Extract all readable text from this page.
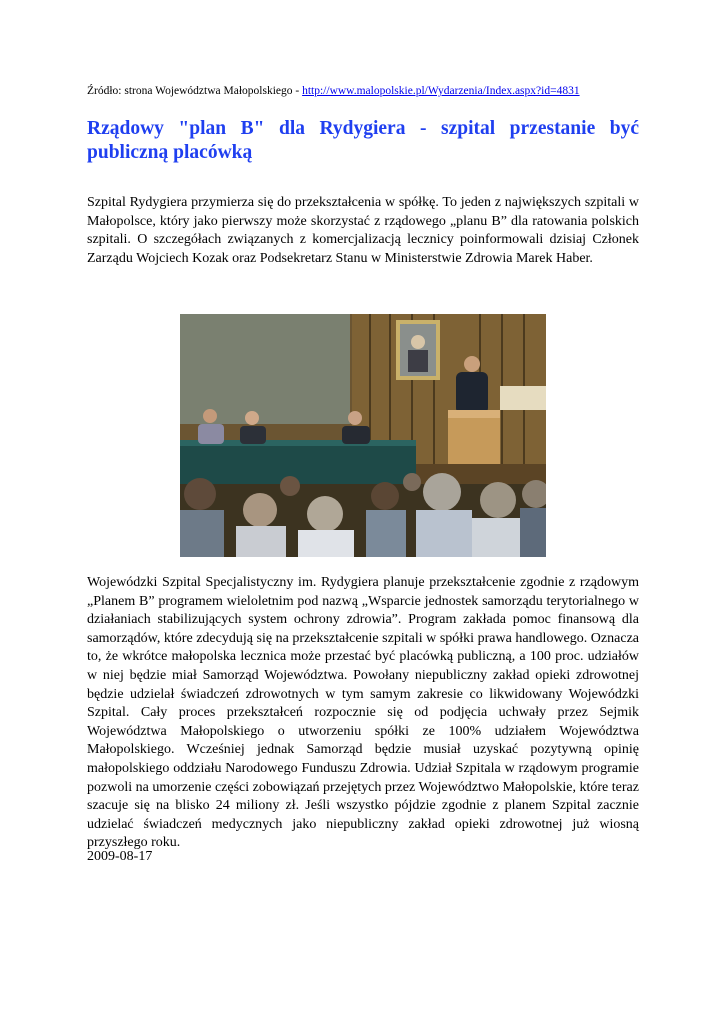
Źródło: strona Województwa Małopolskiego - http://www.malopolskie.pl/Wydarzenia/Index.aspx?id=4831
Rządowy "plan B" dla Rydygiera - szpital przestanie być publiczną placówką

Szpital Rydygiera przymierza się do przekształcenia w spółkę. To jeden z największych szpitali w Małopolsce, który jako pierwszy może skorzystać z rządowego „planu B” dla ratowania polskich szpitali. O szczegółach związanych z komercjalizacją lecznicy poinformowali dzisiaj Członek Zarządu Wojciech Kozak oraz Podsekretarz Stanu w Ministerstwie Zdrowia Marek Haber.

Wojewódzki Szpital Specjalistyczny im. Rydygiera planuje przekształcenie zgodnie z rządowym „Planem B” programem wieloletnim pod nazwą „Wsparcie jednostek samorządu terytorialnego w działaniach stabilizujących system ochrony zdrowia”. Program zakłada pomoc finansową dla samorządów, które zdecydują się na przekształcenie szpitali w spółki prawa handlowego. Oznacza to, że wkrótce małopolska lecznica może przestać być placówką publiczną, a 100 proc. udziałów w niej będzie miał Samorząd Województwa. Powołany niepubliczny zakład opieki zdrowotnej będzie udzielał świadczeń zdrowotnych w tym samym zakresie co likwidowany Wojewódzki Szpital. Cały proces przekształceń rozpocznie się od podjęcia uchwały przez Sejmik Województwa Małopolskiego o utworzeniu spółki ze 100% udziałem Województwa Małopolskiego. Wcześniej jednak Samorząd będzie musiał uzyskać pozytywną opinię małopolskiego oddziału Narodowego Funduszu Zdrowia. Udział Szpitala w rządowym programie pozwoli na umorzenie części zobowiązań przejętych przez Województwo Małopolskie, które teraz szacuje się na blisko 24 miliony zł. Jeśli wszystko pójdzie zgodnie z planem Szpital zacznie udzielać świadczeń medycznych jako niepubliczny zakład opieki zdrowotnej już wiosną przyszłego roku.

2009-08-17
